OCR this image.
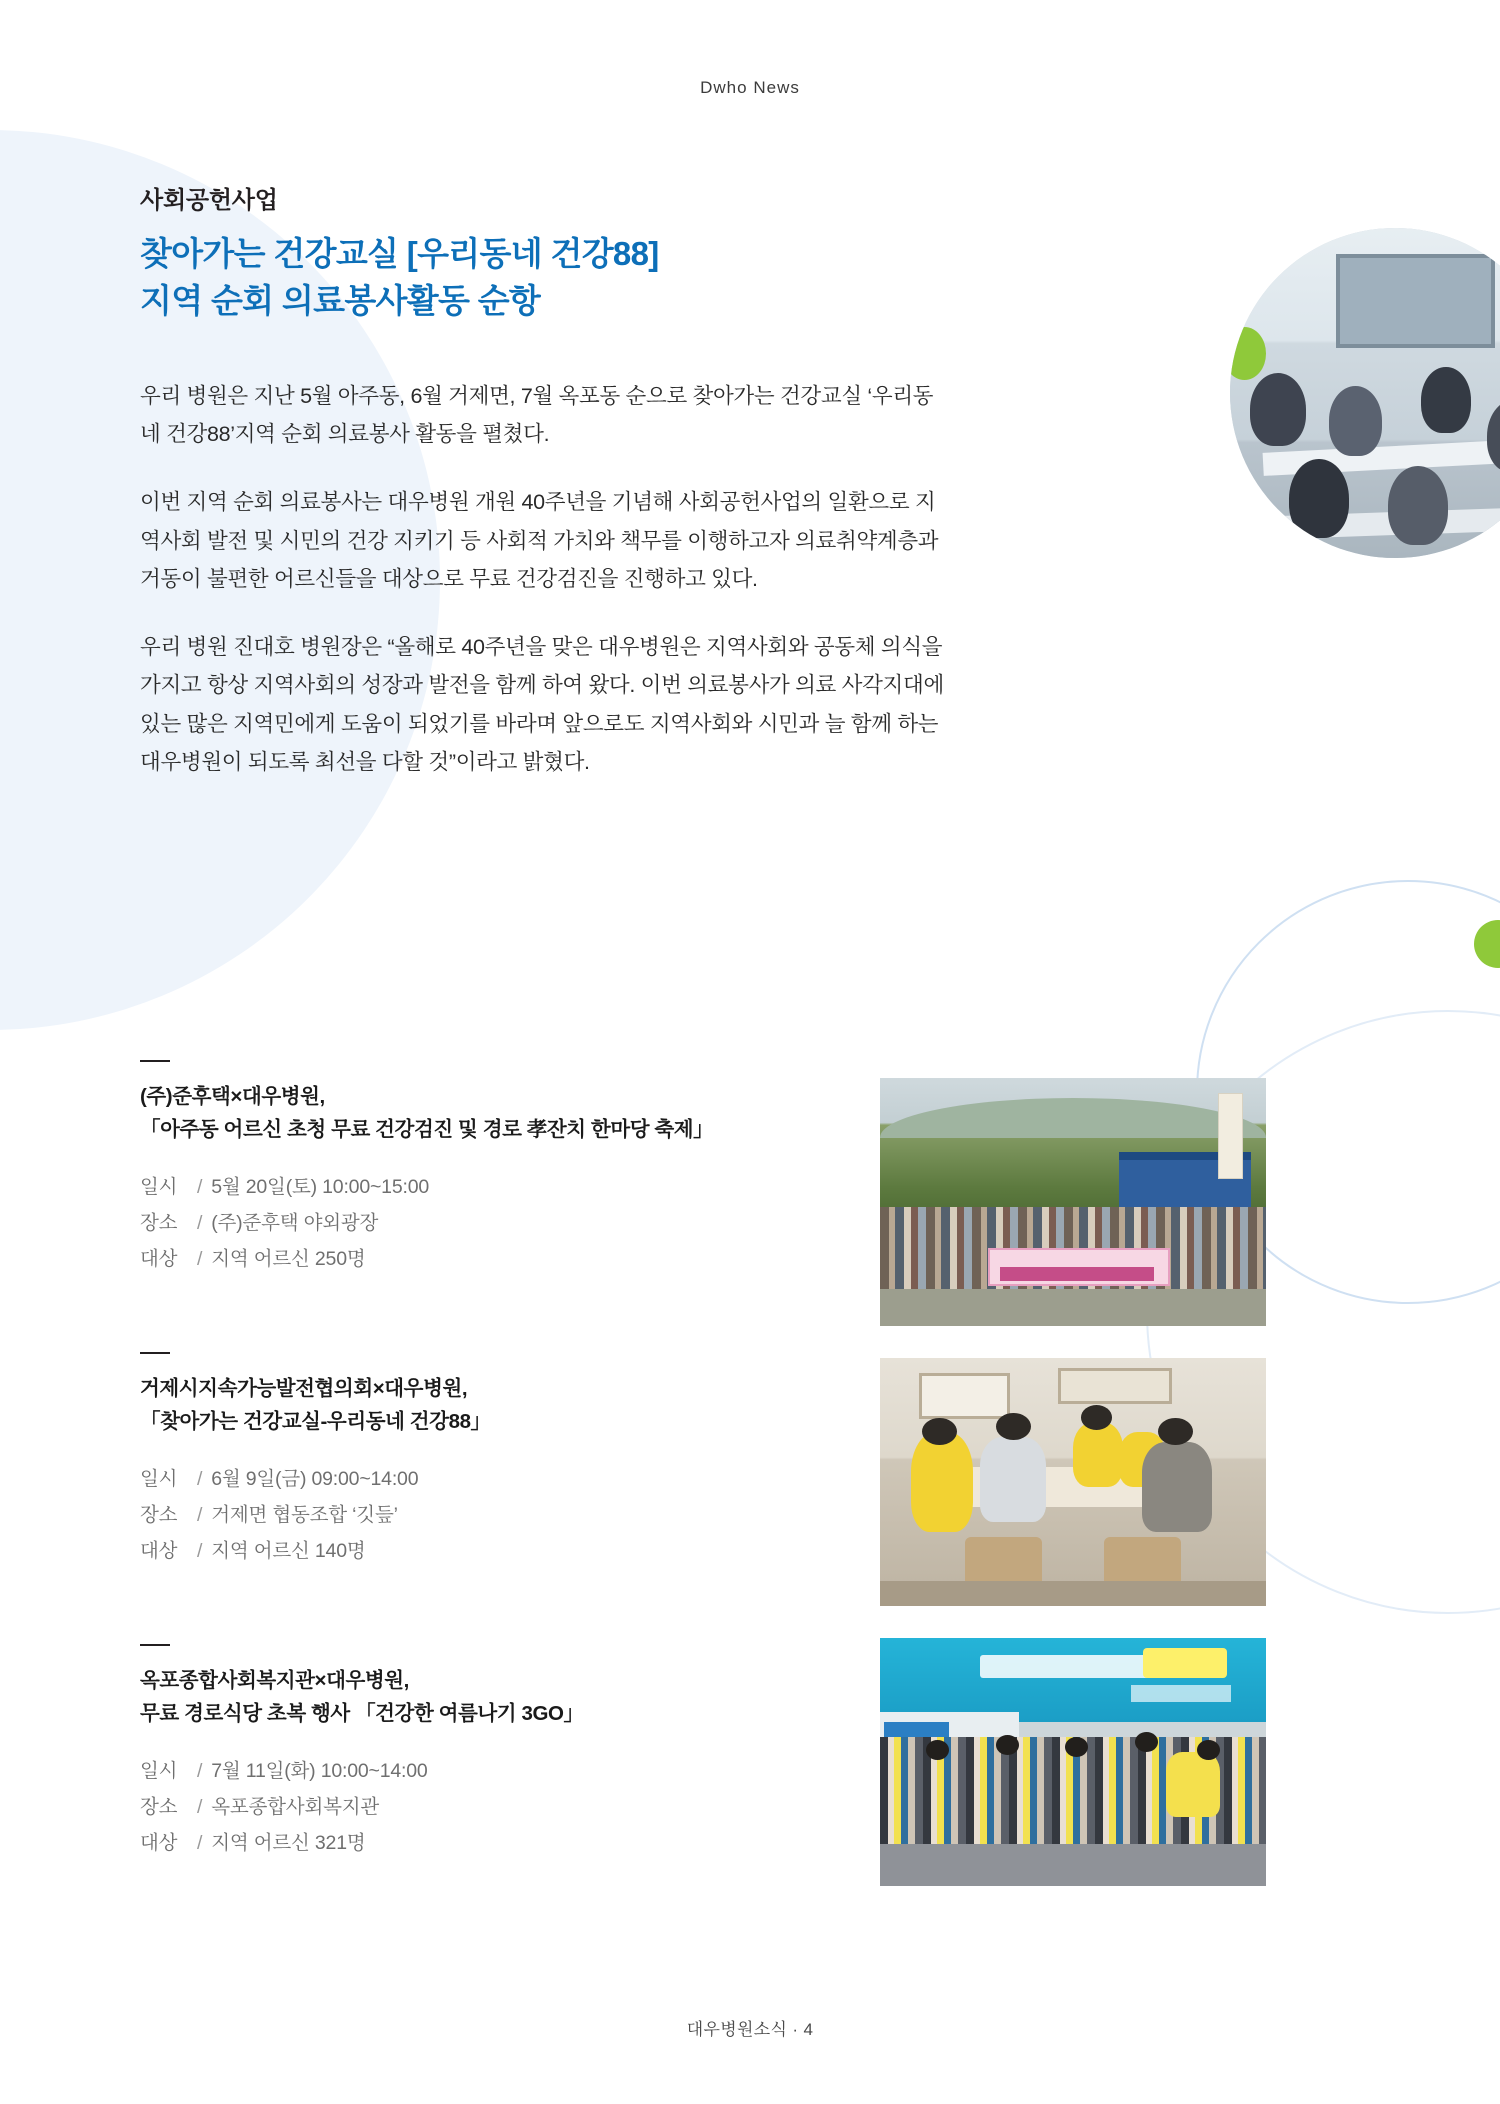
Dwho News
사회공헌사업
찾아가는 건강교실 [우리동네 건강88]
지역 순회 의료봉사활동 순항

우리 병원은 지난 5월 아주동, 6월 거제면, 7월 옥포동 순으로 찾아가는 건강교실 ‘우리동네 건강88’지역 순회 의료봉사 활동을 펼쳤다.

이번 지역 순회 의료봉사는 대우병원 개원 40주년을 기념해 사회공헌사업의 일환으로 지역사회 발전 및 시민의 건강 지키기 등 사회적 가치와 책무를 이행하고자 의료취약계층과 거동이 불편한 어르신들을 대상으로 무료 건강검진을 진행하고 있다.

우리 병원 진대호 병원장은 “올해로 40주년을 맞은 대우병원은 지역사회와 공동체 의식을 가지고 항상 지역사회의 성장과 발전을 함께 하여 왔다. 이번 의료봉사가 의료 사각지대에 있는 많은 지역민에게 도움이 되었기를 바라며 앞으로도 지역사회와 시민과 늘 함께 하는 대우병원이 되도록 최선을 다할 것”이라고 밝혔다.

(주)준후택×대우병원,
「아주동 어르신 초청 무료 건강검진 및 경로 孝잔치 한마당 축제」
일시 / 5월 20일(토) 10:00~15:00
장소 / (주)준후택 야외광장
대상 / 지역 어르신 250명
거제시지속가능발전협의회×대우병원,
「찾아가는 건강교실-우리동네 건강88」
일시 / 6월 9일(금) 09:00~14:00
장소 / 거제면 협동조합 ‘깃듶’
대상 / 지역 어르신 140명
옥포종합사회복지관×대우병원,
무료 경로식당 초복 행사 「건강한 여름나기 3GO」
일시 / 7월 11일(화) 10:00~14:00
장소 / 옥포종합사회복지관
대상 / 지역 어르신 321명
대우병원소식 · 4
